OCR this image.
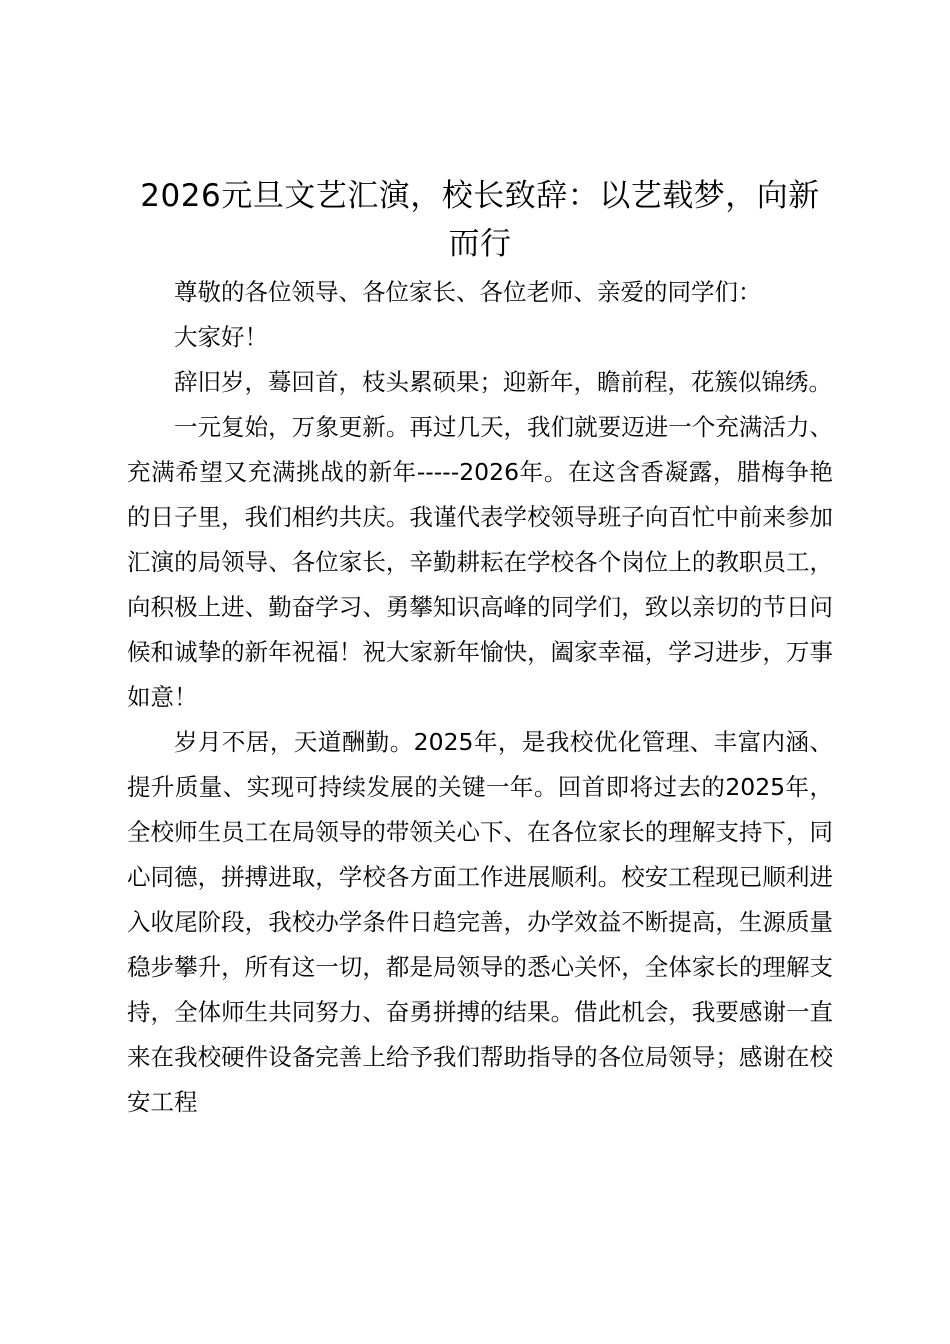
2026元旦文艺汇演，校长致辞：以艺载梦，向新而行

尊敬的各位领导、各位家长、各位老师、亲爱的同学们：

大家好！

辞旧岁，蓦回首，枝头累硕果；迎新年，瞻前程，花簇似锦绣。

一元复始，万象更新。再过几天，我们就要迈进一个充满活力、充满希望又充满挑战的新年-----2026年。在这含香凝露，腊梅争艳的日子里，我们相约共庆。我谨代表学校领导班子向百忙中前来参加汇演的局领导、各位家长，辛勤耕耘在学校各个岗位上的教职员工，向积极上进、勤奋学习、勇攀知识高峰的同学们，致以亲切的节日问候和诚挚的新年祝福！祝大家新年愉快，阖家幸福，学习进步，万事如意！

岁月不居，天道酬勤。2025年，是我校优化管理、丰富内涵、提升质量、实现可持续发展的关键一年。回首即将过去的2025年，全校师生员工在局领导的带领关心下、在各位家长的理解支持下，同心同德，拼搏进取，学校各方面工作进展顺利。校安工程现已顺利进入收尾阶段，我校办学条件日趋完善，办学效益不断提高，生源质量稳步攀升，所有这一切，都是局领导的悉心关怀，全体家长的理解支持，全体师生共同努力、奋勇拼搏的结果。借此机会，我要感谢一直来在我校硬件设备完善上给予我们帮助指导的各位局领导；感谢在校安工程
